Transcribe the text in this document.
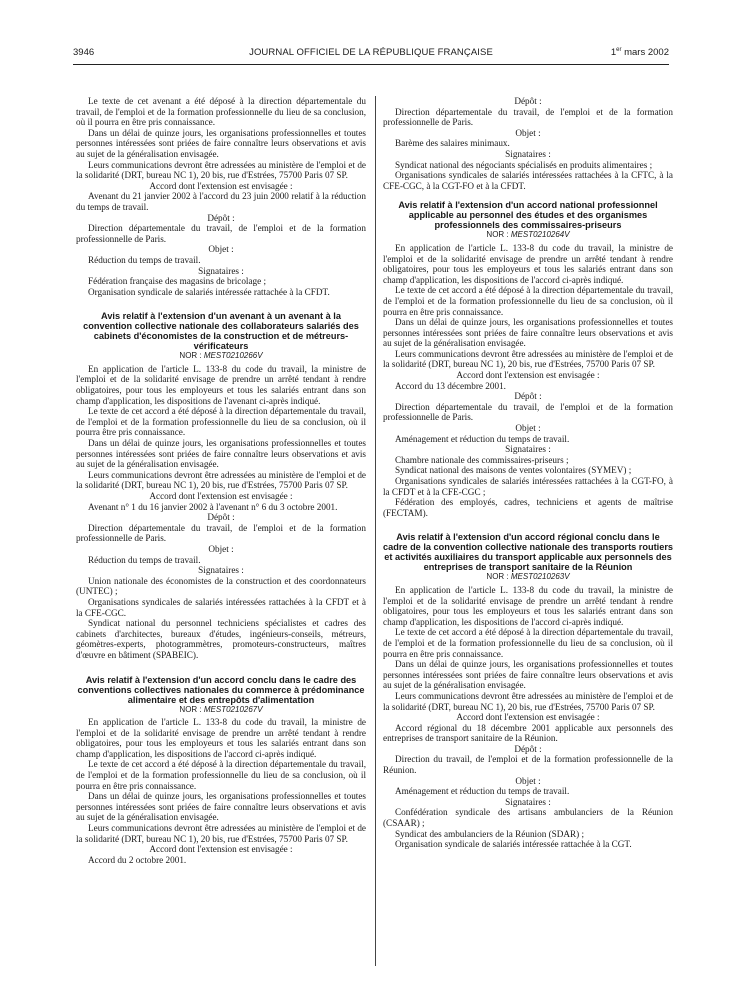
3946	JOURNAL OFFICIEL DE LA RÉPUBLIQUE FRANÇAISE	1er mars 2002

Le texte de cet avenant a été déposé à la direction départementale du travail, de l'emploi et de la formation professionnelle du lieu de sa conclusion, où il pourra en être pris connaissance.

Dans un délai de quinze jours, les organisations professionnelles et toutes personnes intéressées sont priées de faire connaître leurs observations et avis au sujet de la généralisation envisagée.

Leurs communications devront être adressées au ministère de l'emploi et de la solidarité (DRT, bureau NC 1), 20 bis, rue d'Estrées, 75700 Paris 07 SP.

Accord dont l'extension est envisagée :

Avenant du 21 janvier 2002 à l'accord du 23 juin 2000 relatif à la réduction du temps de travail.

Dépôt :

Direction départementale du travail, de l'emploi et de la formation professionnelle de Paris.

Objet :

Réduction du temps de travail.

Signataires :

Fédération française des magasins de bricolage ;

Organisation syndicale de salariés intéressée rattachée à la CFDT.

Avis relatif à l'extension d'un avenant à un avenant à la convention collective nationale des collaborateurs salariés des cabinets d'économistes de la construction et de métreurs-vérificateurs

NOR : MEST0210266V

En application de l'article L. 133-8 du code du travail, la ministre de l'emploi et de la solidarité envisage de prendre un arrêté tendant à rendre obligatoires, pour tous les employeurs et tous les salariés entrant dans son champ d'application, les dispositions de l'avenant ci-après indiqué.

Le texte de cet accord a été déposé à la direction départementale du travail, de l'emploi et de la formation professionnelle du lieu de sa conclusion, où il pourra être pris connaissance.

Dans un délai de quinze jours, les organisations professionnelles et toutes personnes intéressées sont priées de faire connaître leurs observations et avis au sujet de la généralisation envisagée.

Leurs communications devront être adressées au ministère de l'emploi et de la solidarité (DRT, bureau NC 1), 20 bis, rue d'Estrées, 75700 Paris 07 SP.

Accord dont l'extension est envisagée :

Avenant n° 1 du 16 janvier 2002 à l'avenant n° 6 du 3 octobre 2001.

Dépôt :

Direction départementale du travail, de l'emploi et de la formation professionnelle de Paris.

Objet :

Réduction du temps de travail.

Signataires :

Union nationale des économistes de la construction et des coordonnateurs (UNTEC) ;

Organisations syndicales de salariés intéressées rattachées à la CFDT et à la CFE-CGC.

Syndicat national du personnel techniciens spécialistes et cadres des cabinets d'architectes, bureaux d'études, ingénieurs-conseils, métreurs, géomètres-experts, photogrammètres, promoteurs-constructeurs, maîtres d'œuvre en bâtiment (SPABEIC).

Avis relatif à l'extension d'un accord conclu dans le cadre des conventions collectives nationales du commerce à prédominance alimentaire et des entrepôts d'alimentation

NOR : MEST0210267V

En application de l'article L. 133-8 du code du travail, la ministre de l'emploi et de la solidarité envisage de prendre un arrêté tendant à rendre obligatoires, pour tous les employeurs et tous les salariés entrant dans son champ d'application, les dispositions de l'accord ci-après indiqué.

Le texte de cet accord a été déposé à la direction départementale du travail, de l'emploi et de la formation professionnelle du lieu de sa conclusion, où il pourra en être pris connaissance.

Dans un délai de quinze jours, les organisations professionnelles et toutes personnes intéressées sont priées de faire connaître leurs observations et avis au sujet de la généralisation envisagée.

Leurs communications devront être adressées au ministère de l'emploi et de la solidarité (DRT, bureau NC 1), 20 bis, rue d'Estrées, 75700 Paris 07 SP.

Accord dont l'extension est envisagée :

Accord du 2 octobre 2001.

Dépôt :

Direction départementale du travail, de l'emploi et de la formation professionnelle de Paris.

Objet :

Barème des salaires minimaux.

Signataires :

Syndicat national des négociants spécialisés en produits alimentaires ;

Organisations syndicales de salariés intéressées rattachées à la CFTC, à la CFE-CGC, à la CGT-FO et à la CFDT.

Avis relatif à l'extension d'un accord national professionnel applicable au personnel des études et des organismes professionnels des commissaires-priseurs

NOR : MEST0210264V

En application de l'article L. 133-8 du code du travail, la ministre de l'emploi et de la solidarité envisage de prendre un arrêté tendant à rendre obligatoires, pour tous les employeurs et tous les salariés entrant dans son champ d'application, les dispositions de l'accord ci-après indiqué.

Le texte de cet accord a été déposé à la direction départementale du travail, de l'emploi et de la formation professionnelle du lieu de sa conclusion, où il pourra en être pris connaissance.

Dans un délai de quinze jours, les organisations professionnelles et toutes personnes intéressées sont priées de faire connaître leurs observations et avis au sujet de la généralisation envisagée.

Leurs communications devront être adressées au ministère de l'emploi et de la solidarité (DRT, bureau NC 1), 20 bis, rue d'Estrées, 75700 Paris 07 SP.

Accord dont l'extension est envisagée :

Accord du 13 décembre 2001.

Dépôt :

Direction départementale du travail, de l'emploi et de la formation professionnelle de Paris.

Objet :

Aménagement et réduction du temps de travail.

Signataires :

Chambre nationale des commissaires-priseurs ;

Syndicat national des maisons de ventes volontaires (SYMEV) ;

Organisations syndicales de salariés intéressées rattachées à la CGT-FO, à la CFDT et à la CFE-CGC ;

Fédération des employés, cadres, techniciens et agents de maîtrise (FECTAM).

Avis relatif à l'extension d'un accord régional conclu dans le cadre de la convention collective nationale des transports routiers et activités auxiliaires du transport applicable aux personnels des entreprises de transport sanitaire de la Réunion

NOR : MEST0210263V

En application de l'article L. 133-8 du code du travail, la ministre de l'emploi et de la solidarité envisage de prendre un arrêté tendant à rendre obligatoires, pour tous les employeurs et tous les salariés entrant dans son champ d'application, les dispositions de l'accord ci-après indiqué.

Le texte de cet accord a été déposé à la direction départementale du travail, de l'emploi et de la formation professionnelle du lieu de sa conclusion, où il pourra en être pris connaissance.

Dans un délai de quinze jours, les organisations professionnelles et toutes personnes intéressées sont priées de faire connaître leurs observations et avis au sujet de la généralisation envisagée.

Leurs communications devront être adressées au ministère de l'emploi et de la solidarité (DRT, bureau NC 1), 20 bis, rue d'Estrées, 75700 Paris 07 SP.

Accord dont l'extension est envisagée :

Accord régional du 18 décembre 2001 applicable aux personnels des entreprises de transport sanitaire de la Réunion.

Dépôt :

Direction du travail, de l'emploi et de la formation professionnelle de la Réunion.

Objet :

Aménagement et réduction du temps de travail.

Signataires :

Confédération syndicale des artisans ambulanciers de la Réunion (CSAAR) ;

Syndicat des ambulanciers de la Réunion (SDAR) ;

Organisation syndicale de salariés intéressée rattachée à la CGT.
